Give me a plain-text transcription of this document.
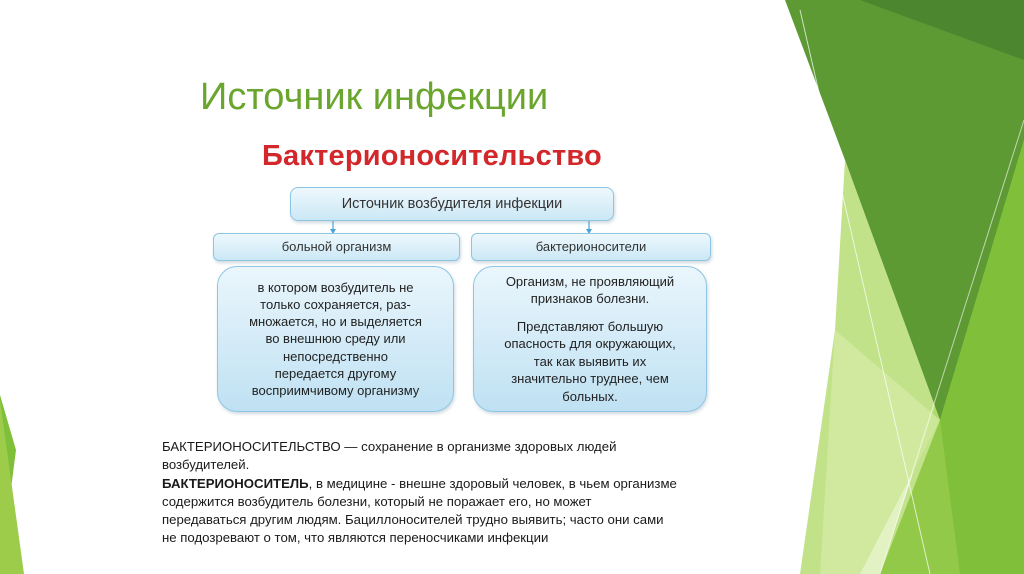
Источник инфекции
Бактерионосительство
Источник возбудителя инфекции
больной организм	бактерионосители
в котором возбудитель не
только сохраняется, раз-
множается, но и выделяется
во внешнюю среду или
непосредственно
передается другому
восприимчивому организму
Организм, не проявляющий
признаков болезни.
Представляют большую
опасность для окружающих,
так как выявить их
значительно труднее, чем
больных.

БАКТЕРИОНОСИТЕЛЬСТВО — сохранение в организме здоровых людей

возбудителей.

БАКТЕРИОНОСИТЕЛЬ, в медицине - внешне здоровый человек, в чьем организме

содержится возбудитель болезни, который не поражает его, но может

передаваться другим людям. Бациллоносителей трудно выявить; часто они сами

не подозревают о том, что являются переносчиками инфекции
